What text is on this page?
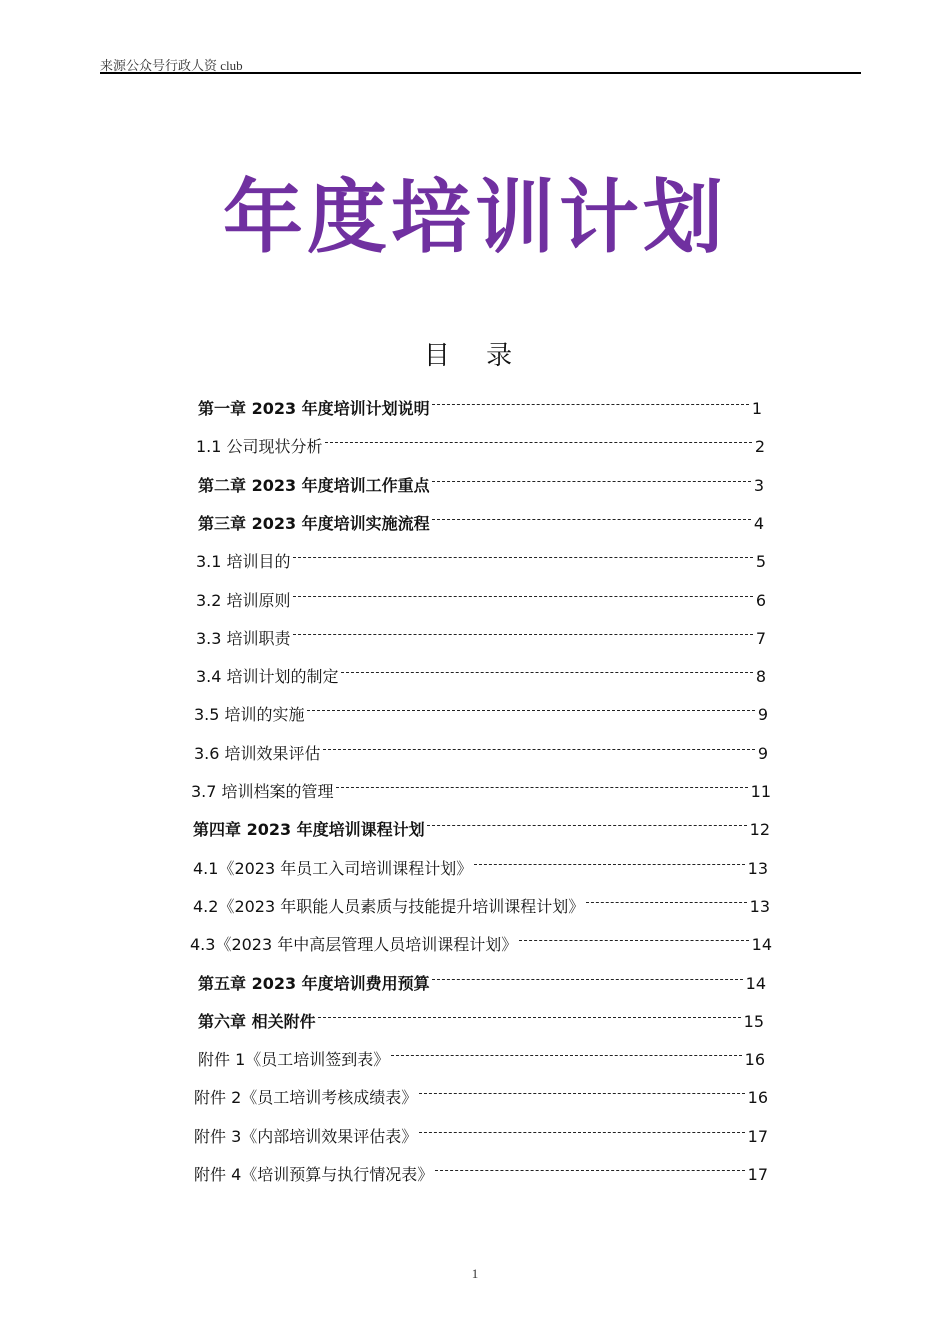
来源公众号行政人资 club
年度培训计划
目 录
第一章 2023 年度培训计划说明	1
1.1 公司现状分析	2
第二章 2023 年度培训工作重点	3
第三章 2023 年度培训实施流程	4
3.1 培训目的	5
3.2 培训原则	6
3.3 培训职责	7
3.4 培训计划的制定	8
3.5 培训的实施	9
3.6 培训效果评估	9
3.7 培训档案的管理	11
第四章 2023 年度培训课程计划	12
4.1《2023 年员工入司培训课程计划》	13
4.2《2023 年职能人员素质与技能提升培训课程计划》	13
4.3《2023 年中高层管理人员培训课程计划》	14
第五章 2023 年度培训费用预算	14
第六章 相关附件	15
附件 1《员工培训签到表》	16
附件 2《员工培训考核成绩表》	16
附件 3《内部培训效果评估表》	17
附件 4《培训预算与执行情况表》	17
1
